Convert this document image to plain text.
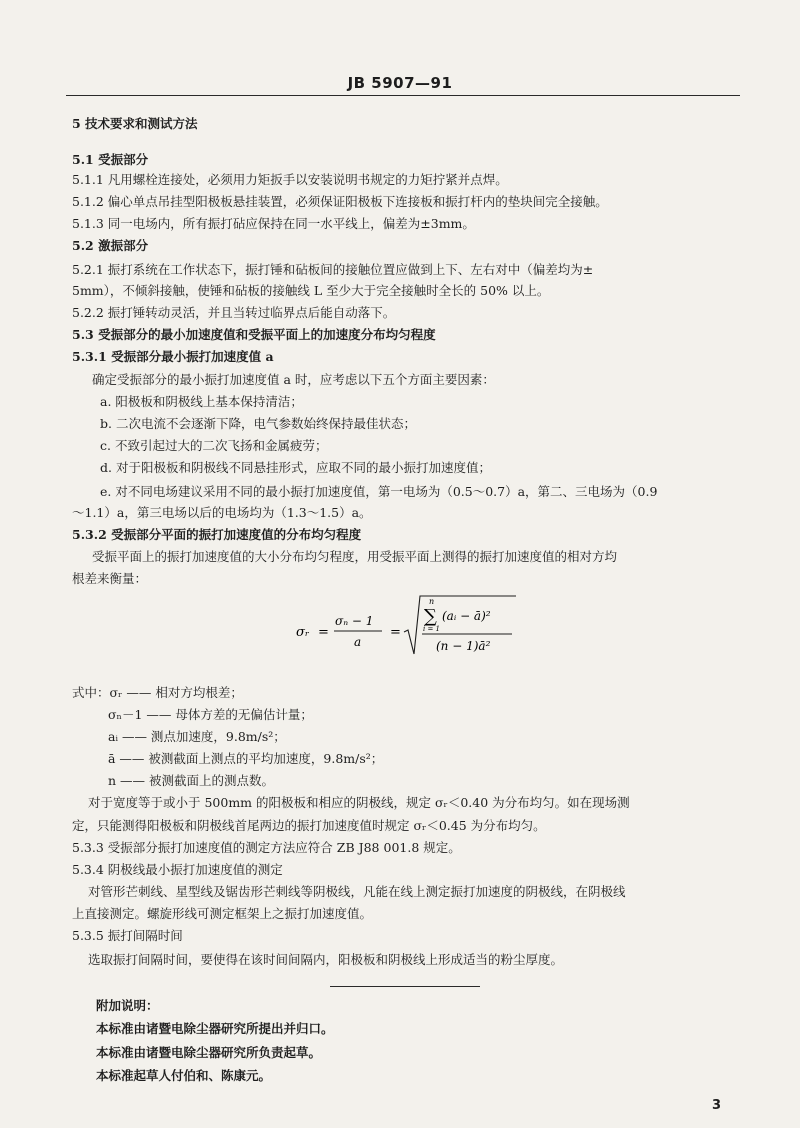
JB 5907—91
5 技术要求和测试方法
5.1 受振部分
5.1.1 凡用螺栓连接处，必须用力矩扳手以安装说明书规定的力矩拧紧并点焊。
5.1.2 偏心单点吊挂型阳极板悬挂装置，必须保证阳极板下连接板和振打杆内的垫块间完全接触。
5.1.3 同一电场内，所有振打砧应保持在同一水平线上，偏差为±3mm。
5.2 激振部分
5.2.1 振打系统在工作状态下，振打锤和砧板间的接触位置应做到上下、左右对中（偏差均为±
5mm），不倾斜接触，使锤和砧板的接触线 L 至少大于完全接触时全长的 50% 以上。
5.2.2 振打锤转动灵活，并且当转过临界点后能自动落下。
5.3 受振部分的最小加速度值和受振平面上的加速度分布均匀程度
5.3.1 受振部分最小振打加速度值 a
确定受振部分的最小振打加速度值 a 时，应考虑以下五个方面主要因素：
a. 阳极板和阴极线上基本保持清洁；
b. 二次电流不会逐渐下降，电气参数始终保持最佳状态；
c. 不致引起过大的二次飞扬和金属疲劳；
d. 对于阳极板和阴极线不同悬挂形式，应取不同的最小振打加速度值；
e. 对不同电场建议采用不同的最小振打加速度值，第一电场为（0.5～0.7）a，第二、三电场为（0.9
～1.1）a，第三电场以后的电场均为（1.3～1.5）a。
5.3.2 受振部分平面的振打加速度值的分布均匀程度
受振平面上的振打加速度值的大小分布均匀程度，用受振平面上测得的振打加速度值的相对方均
根差来衡量：
式中：σᵣ —— 相对方均根差；
σₙ－1 —— 母体方差的无偏估计量；
aᵢ —— 测点加速度，9.8m/s²；
ā —— 被测截面上测点的平均加速度，9.8m/s²；
n —— 被测截面上的测点数。
对于宽度等于或小于 500mm 的阳极板和相应的阴极线，规定 σᵣ＜0.40 为分布均匀。如在现场测
定，只能测得阳极板和阴极线首尾两边的振打加速度值时规定 σᵣ＜0.45 为分布均匀。
5.3.3 受振部分振打加速度值的测定方法应符合 ZB J88 001.8 规定。
5.3.4 阴极线最小振打加速度值的测定
对管形芒刺线、星型线及锯齿形芒刺线等阴极线，凡能在线上测定振打加速度的阴极线，在阴极线
上直接测定。螺旋形线可测定框架上之振打加速度值。
5.3.5 振打间隔时间
选取振打间隔时间，要使得在该时间间隔内，阳极板和阴极线上形成适当的粉尘厚度。
附加说明：
本标准由诸暨电除尘器研究所提出并归口。
本标准由诸暨电除尘器研究所负责起草。
本标准起草人付伯和、陈康元。
σᵣ =
σₙ − 1
a
=
n
∑
i = 1
(aᵢ − ā)²
(n − 1)ā²
3
